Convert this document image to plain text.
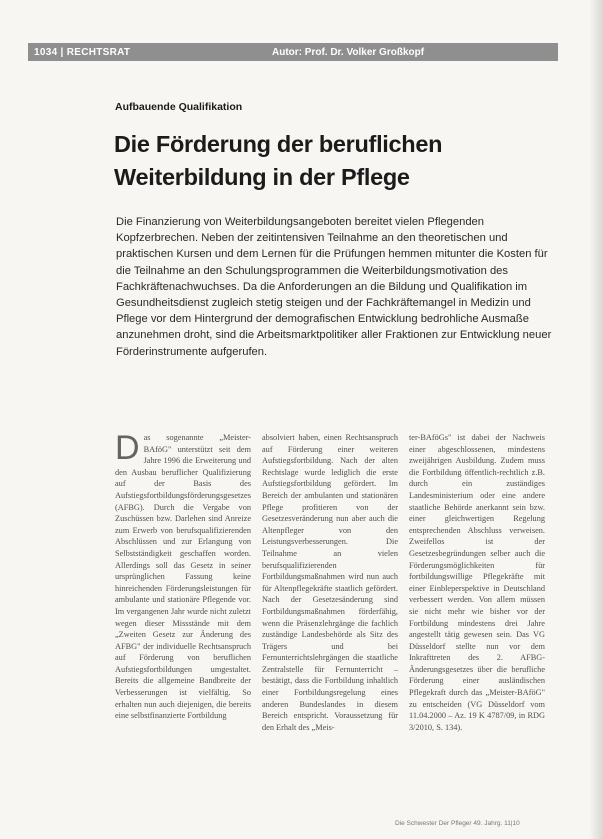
1034 | RECHTSRAT	Autor: Prof. Dr. Volker Großkopf
Aufbauende Qualifikation
Die Förderung der beruflichen Weiterbildung in der Pflege
Die Finanzierung von Weiterbildungsangeboten bereitet vielen Pflegenden Kopfzerbrechen. Neben der zeitintensiven Teilnahme an den theoretischen und praktischen Kursen und dem Lernen für die Prüfungen hemmen mitunter die Kosten für die Teilnahme an den Schulungsprogrammen die Weiterbildungsmotivation des Fachkräftenachwuchses. Da die Anforderungen an die Bildung und Qualifikation im Gesundheitsdienst zugleich stetig steigen und der Fachkräftemangel in Medizin und Pflege vor dem Hintergrund der demografischen Entwicklung bedrohliche Ausmaße anzunehmen droht, sind die Arbeitsmarktpolitiker aller Fraktionen zur Entwicklung neuer Förderinstrumente aufgerufen.
D as sogenannte „Meister-BAföG" unterstützt seit dem Jahre 1996 die Erweiterung und den Ausbau beruflicher Qualifizierung auf der Basis des Aufstiegsfortbildungsförderungsgesetzes (AFBG). Durch die Vergabe von Zuschüssen bzw. Darlehen sind Anreize zum Erwerb von berufsqualifizierenden Abschlüssen und zur Erlangung von Selbstständigkeit geschaffen worden. Allerdings soll das Gesetz in seiner ursprünglichen Fassung keine hinreichenden Förderungsleistungen für ambulante und stationäre Pflegende vor. Im vergangenen Jahr wurde nicht zuletzt wegen dieser Missstände mit dem „Zweiten Gesetz zur Änderung des AFBG" der individuelle Rechtsanspruch auf Förderung von beruflichen Aufstiegsfortbildungen umgestaltet. Bereits die allgemeine Bandbreite der Verbesserungen ist vielfältig. So erhalten nun auch diejenigen, die bereits eine selbstfinanzierte Fortbildung

absolviert haben, einen Rechtsanspruch auf Förderung einer weiteren Aufstiegsfortbildung. Nach der alten Rechtslage wurde lediglich die erste Aufstiegsfortbildung gefördert. Im Bereich der ambulanten und stationären Pflege profitieren von der Gesetzesveränderung nun aber auch die Altenpfleger von den Leistungsverbesserungen. Die Teilnahme an vielen berufsqualifizierenden Fortbildungsmaßnahmen wird nun auch für Altenpflegekräfte staatlich gefördert. Nach der Gesetzesänderung sind Fortbildungsmaßnahmen förderfähig, wenn die Präsenzlehrgänge die fachlich zuständige Landesbehörde als Sitz des Trägers und bei Fernunterrichtslehrgängen die staatliche Zentralstelle für Fernunterricht – bestätigt, dass die Fortbildung inhaltlich einer Fortbildungsregelung eines anderen Bundeslandes in diesem Bereich entspricht. Voraussetzung für den Erhalt des „Meis-

ter-BAföGs" ist dabei der Nachweis einer abgeschlossenen, mindestens zweijährigen Ausbildung. Zudem muss die Fortbildung öffentlich-rechtlich z.B. durch ein zuständiges Landesministerium oder eine andere staatliche Behörde anerkannt sein bzw. einer gleichwertigen Regelung entsprechenden Abschluss verweisen. Zweifellos ist der Gesetzesbegründungen selber auch die Förderungsmöglichkeiten für fortbildungswillige Pflegekräfte mit einer Einbleperspektive in Deutschland verbessert werden. Von allem müssen sie nicht mehr wie bisher vor der Fortbildung mindestens drei Jahre angestellt tätig gewesen sein. Das VG Düsseldorf stellte nun vor dem Inkrafttreten des 2. AFBG-Änderungsgesetzes über die berufliche Förderung einer ausländischen Pflegekraft durch das „Meister-BAföG" zu entscheiden (VG Düsseldorf vom 11.04.2000 – Az. 19 K 4787/09, in RDG 3/2010, S. 134).

Die Schwester Der Pfleger 49. Jahrg. 11|10
